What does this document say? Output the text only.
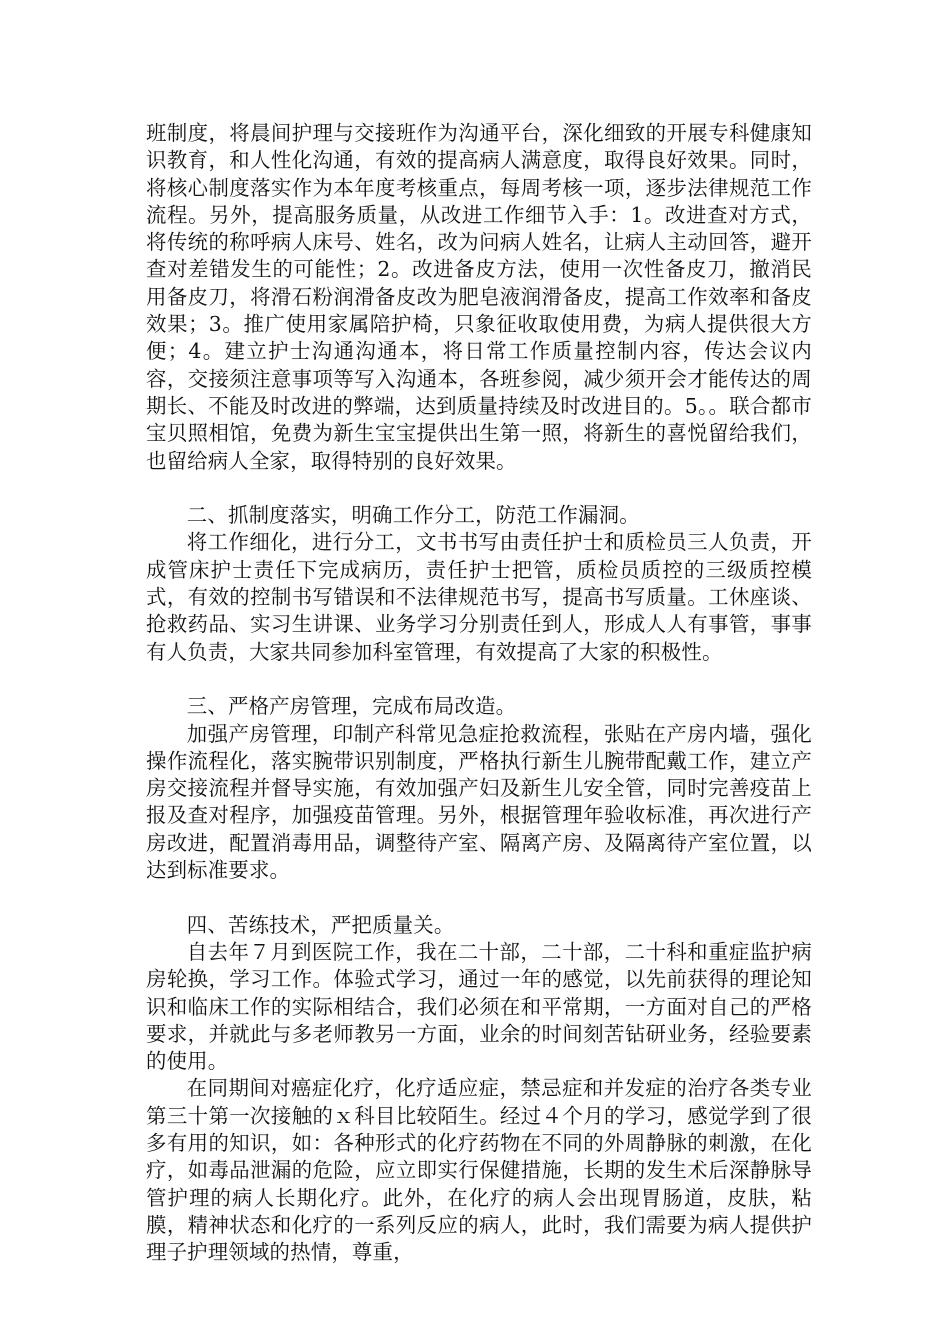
班制度，将晨间护理与交接班作为沟通平台，深化细致的开展专科健康知识教育，和人性化沟通，有效的提高病人满意度，取得良好效果。同时，将核心制度落实作为本年度考核重点，每周考核一项，逐步法律规范工作流程。另外，提高服务质量，从改进工作细节入手：1。改进查对方式，将传统的称呼病人床号、姓名，改为问病人姓名，让病人主动回答，避开查对差错发生的可能性；2。改进备皮方法，使用一次性备皮刀，撤消民用备皮刀，将滑石粉润滑备皮改为肥皂液润滑备皮，提高工作效率和备皮效果；3。推广使用家属陪护椅，只象征收取使用费，为病人提供很大方便；4。建立护士沟通沟通本，将日常工作质量控制内容，传达会议内容，交接须注意事项等写入沟通本，各班参阅，减少须开会才能传达的周期长、不能及时改进的弊端，达到质量持续及时改进目的。5。。联合都市宝贝照相馆，免费为新生宝宝提供出生第一照，将新生的喜悦留给我们，也留给病人全家，取得特别的良好效果。

二、抓制度落实，明确工作分工，防范工作漏洞。

将工作细化，进行分工，文书书写由责任护士和质检员三人负责，开成管床护士责任下完成病历，责任护士把管，质检员质控的三级质控模式，有效的控制书写错误和不法律规范书写，提高书写质量。工休座谈、抢救药品、实习生讲课、业务学习分别责任到人，形成人人有事管，事事有人负责，大家共同参加科室管理，有效提高了大家的积极性。

三、严格产房管理，完成布局改造。

加强产房管理，印制产科常见急症抢救流程，张贴在产房内墙，强化操作流程化，落实腕带识别制度，严格执行新生儿腕带配戴工作，建立产房交接流程并督导实施，有效加强产妇及新生儿安全管，同时完善疫苗上报及查对程序，加强疫苗管理。另外，根据管理年验收标准，再次进行产房改进，配置消毒用品，调整待产室、隔离产房、及隔离待产室位置，以达到标准要求。

四、苦练技术，严把质量关。

自去年７月到医院工作，我在二十部，二十部，二十科和重症监护病房轮换，学习工作。体验式学习，通过一年的感觉，以先前获得的理论知识和临床工作的实际相结合，我们必须在和平常期，一方面对自己的严格要求，并就此与多老师教另一方面，业余的时间刻苦钻研业务，经验要素的使用。

在同期间对癌症化疗，化疗适应症，禁忌症和并发症的治疗各类专业第三十第一次接触的ｘ科目比较陌生。经过４个月的学习，感觉学到了很多有用的知识，如：各种形式的化疗药物在不同的外周静脉的刺激，在化疗，如毒品泄漏的危险，应立即实行保健措施，长期的发生术后深静脉导管护理的病人长期化疗。此外，在化疗的病人会出现胃肠道，皮肤，粘膜，精神状态和化疗的一系列反应的病人，此时，我们需要为病人提供护理子护理领域的热情，尊重，
